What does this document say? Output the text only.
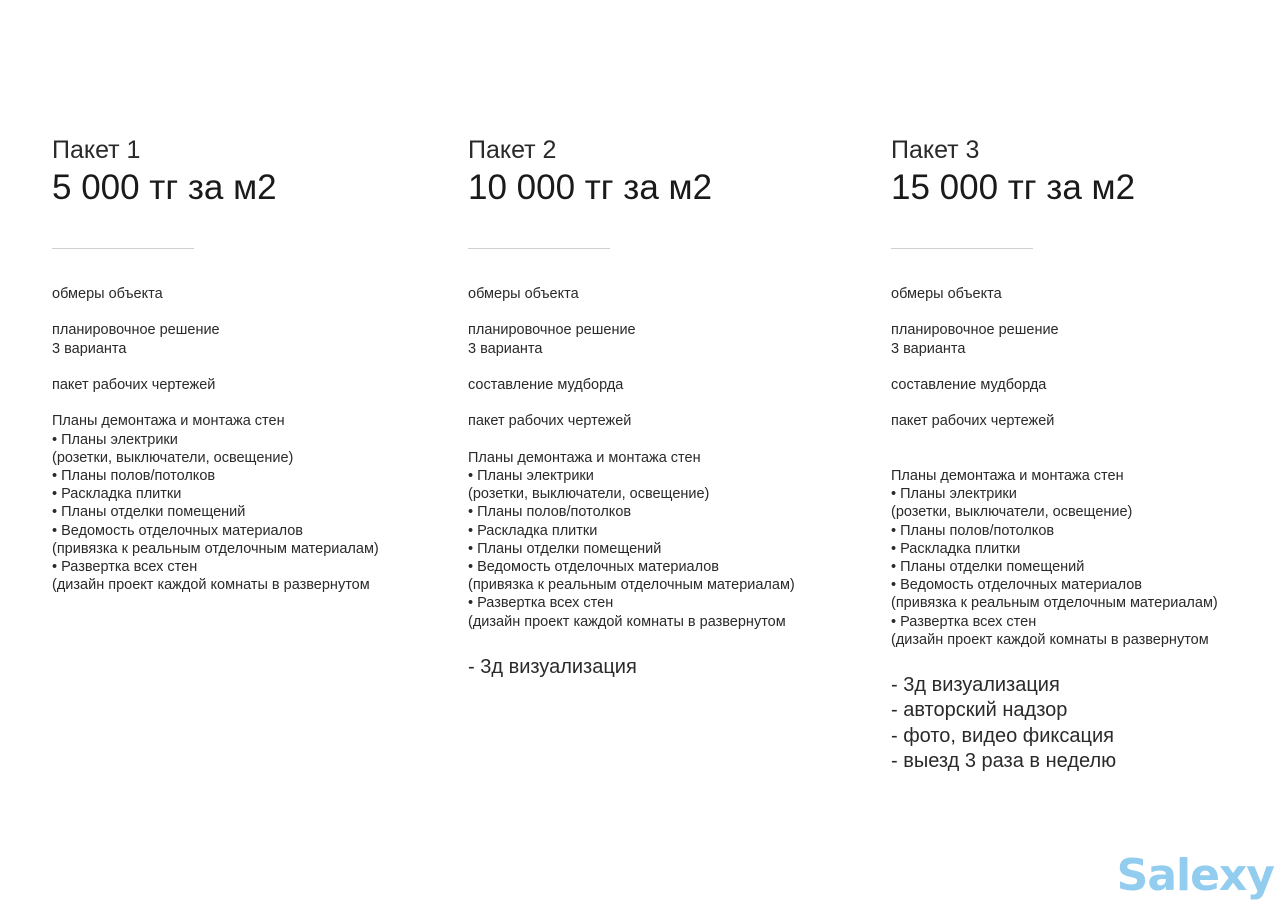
Пакет 1
5 000 тг за м2
обмеры объекта
планировочное решение
3 варианта
пакет рабочих чертежей
Планы демонтажа и монтажа стен
• Планы электрики
(розетки, выключатели, освещение)
• Планы полов/потолков
• Раскладка плитки
• Планы отделки помещений
• Ведомость отделочных материалов
(привязка к реальным отделочным материалам)
• Развертка всех стен
(дизайн проект каждой комнаты в развернутом
Пакет 2
10 000 тг за м2
обмеры объекта
планировочное решение
3 варианта
составление мудборда
пакет рабочих чертежей
Планы демонтажа и монтажа стен
• Планы электрики
(розетки, выключатели, освещение)
• Планы полов/потолков
• Раскладка плитки
• Планы отделки помещений
• Ведомость отделочных материалов
(привязка к реальным отделочным материалам)
• Развертка всех стен
(дизайн проект каждой комнаты в развернутом
- 3д визуализация
Пакет 3
15 000 тг за м2
обмеры объекта
планировочное решение
3 варианта
составление мудборда
пакет рабочих чертежей
Планы демонтажа и монтажа стен
• Планы электрики
(розетки, выключатели, освещение)
• Планы полов/потолков
• Раскладка плитки
• Планы отделки помещений
• Ведомость отделочных материалов
(привязка к реальным отделочным материалам)
• Развертка всех стен
(дизайн проект каждой комнаты в развернутом
- 3д визуализация
- авторский надзор
- фото, видео фиксация
- выезд 3 раза в неделю
Salexy
